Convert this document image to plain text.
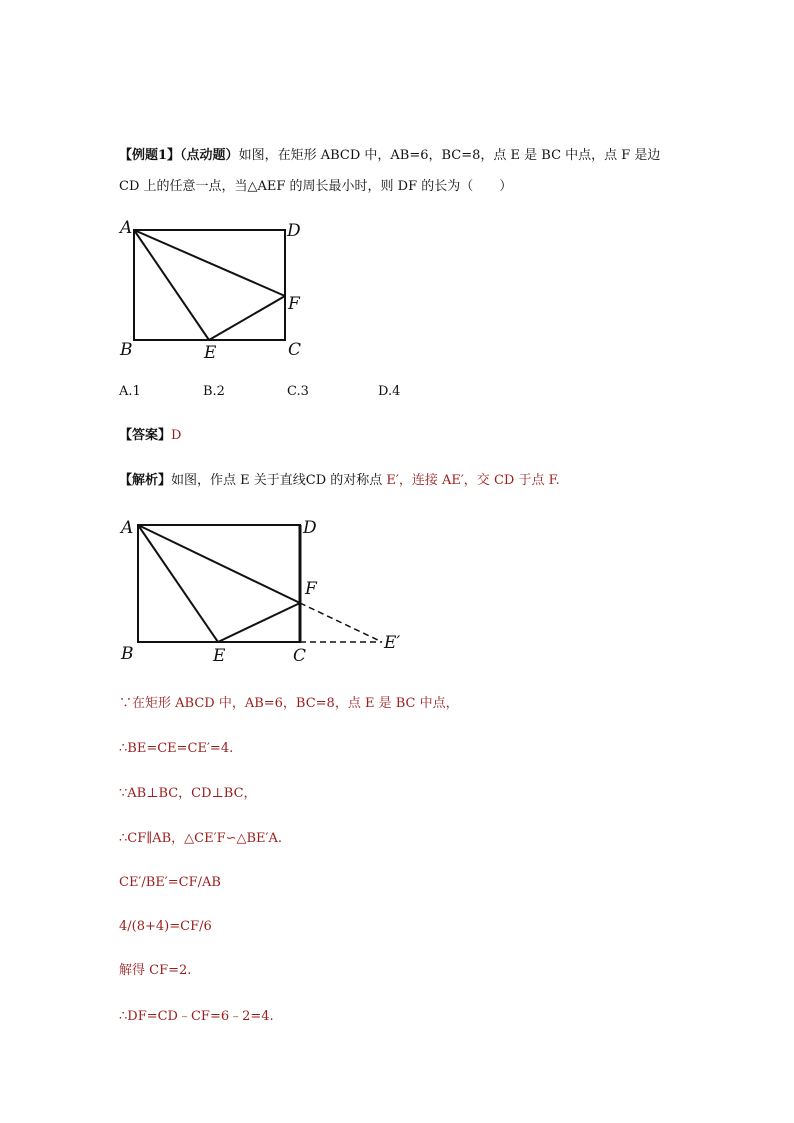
【例题1】（点动题）如图，在矩形 ABCD 中，AB=6，BC=8，点 E 是 BC 中点，点 F 是边
CD 上的任意一点，当△AEF 的周长最小时，则 DF 的长为（　　）
A	D
F
B	E	C
A.1	B.2	C.3	D.4
【答案】D
【解析】如图，作点 E 关于直线CD 的对称点 E′，连接 AE′，交 CD 于点 F.
A	D
F
B	E	C
E′
∵在矩形 ABCD 中，AB=6，BC=8，点 E 是 BC 中点，
∴BE=CE=CE′=4.
∵AB⊥BC，CD⊥BC，
∴CF∥AB，△CE′F∽△BE′A.
CE′/BE′=CF/AB
4/(8+4)=CF/6
解得 CF=2.
∴DF=CD﹣CF=6﹣2=4.
